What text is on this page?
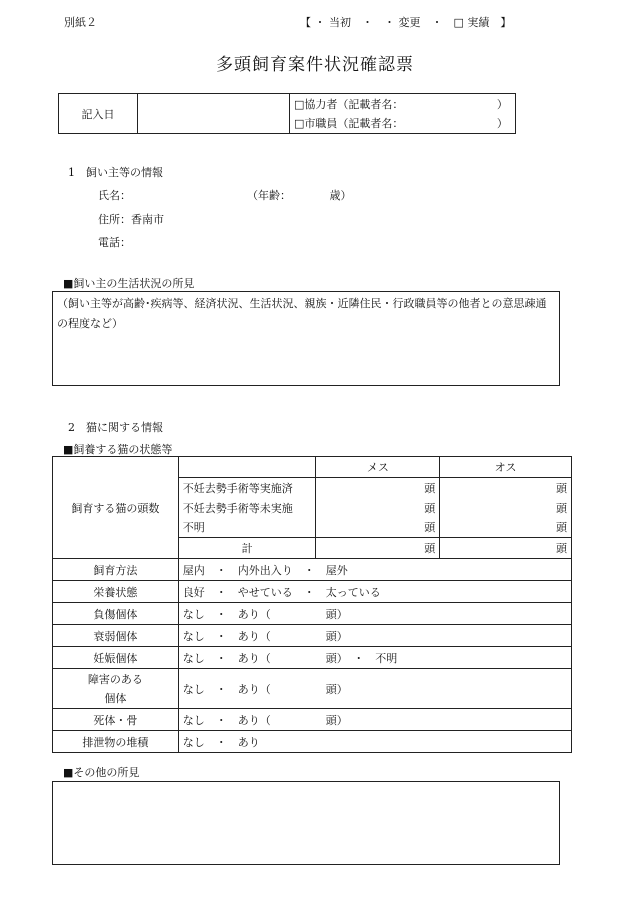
別紙２	【 ・ 当初　・　・ 変更　・　□ 実績　】
多頭飼育案件状況確認票
記入日		□協力者（記載者名：　　　　　　　　　）
□市職員（記載者名：　　　　　　　　　）
1　飼い主等の情報
氏名：	（年齢：　　　　歳）
住所：香南市
電話：
■飼い主の生活状況の所見
（飼い主等が高齢･疾病等、経済状況、生活状況、親族・近隣住民・行政職員等の他者との意思疎通の程度など）
2　猫に関する情報
■飼養する猫の状態等
飼育する猫の頭数		メス	オス
	不妊去勢手術等実施済	頭	頭
	不妊去勢手術等未実施	頭	頭
	不明	頭	頭
	計	頭	頭
飼育方法	屋内　・　内外出入り　・　屋外		
栄養状態	良好　・　やせている　・　太っている		
負傷個体	なし　・　あり（　　　　　頭）		
衰弱個体	なし　・　あり（　　　　　頭）		
妊娠個体	なし　・　あり（　　　　　頭）　・　不明		
障害のある
個体	なし　・　あり（　　　　　頭）		
死体・骨	なし　・　あり（　　　　　頭）		
排泄物の堆積	なし　・　あり		
■その他の所見
